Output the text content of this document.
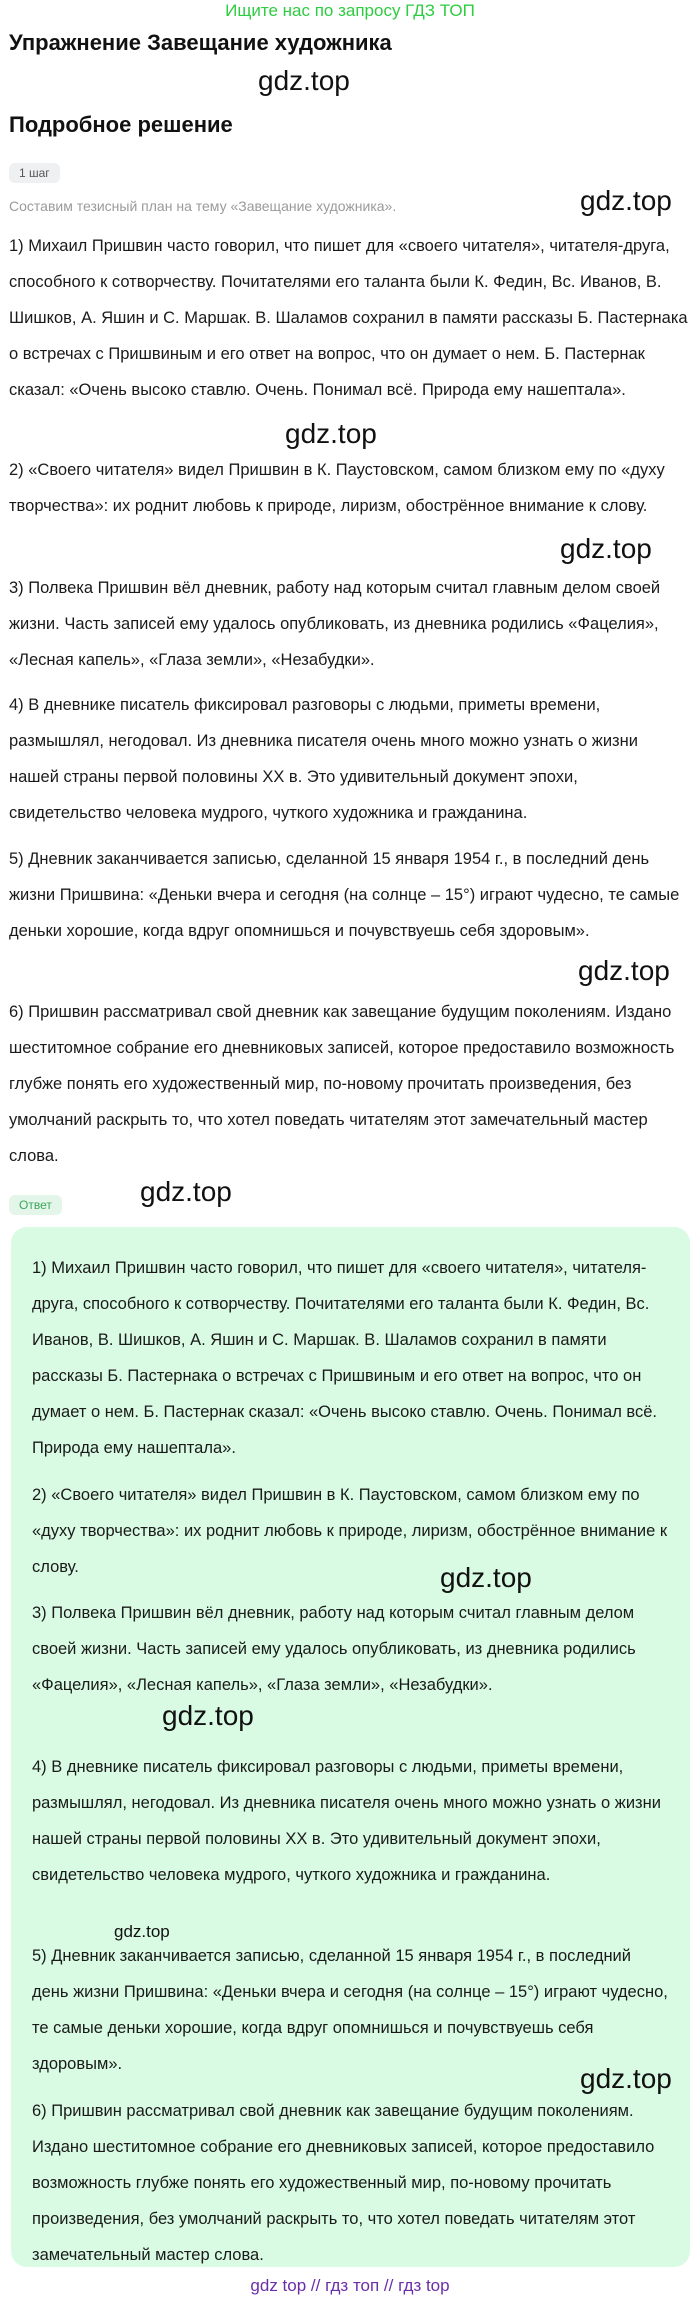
Ищите нас по запросу ГДЗ ТОП
Упражнение Завещание художника
Подробное решение
1 шаг

Составим тезисный план на тему «Завещание художника».

1) Михаил Пришвин часто говорил, что пишет для «своего читателя», читателя-друга, способного к сотворчеству. Почитателями его таланта были К. Федин, Вс. Иванов, В. Шишков, А. Яшин и С. Маршак. В. Шаламов сохранил в памяти рассказы Б. Пастернака о встречах с Пришвиным и его ответ на вопрос, что он думает о нем. Б. Пастернак сказал: «Очень высоко ставлю. Очень. Понимал всё. Природа ему нашептала».

2) «Своего читателя» видел Пришвин в К. Паустовском, самом близком ему по «духу творчества»: их роднит любовь к природе, лиризм, обострённое внимание к слову.

3) Полвека Пришвин вёл дневник, работу над которым считал главным делом своей жизни. Часть записей ему удалось опубликовать, из дневника родились «Фацелия», «Лесная капель», «Глаза земли», «Незабудки».

4) В дневнике писатель фиксировал разговоры с людьми, приметы времени, размышлял, негодовал. Из дневника писателя очень много можно узнать о жизни нашей страны первой половины XX в. Это удивительный документ эпохи, свидетельство человека мудрого, чуткого художника и гражданина.

5) Дневник заканчивается записью, сделанной 15 января 1954 г., в последний день жизни Пришвина: «Деньки вчера и сегодня (на солнце – 15°) играют чудесно, те самые деньки хорошие, когда вдруг опомнишься и почувствуешь себя здоровым».

6) Пришвин рассматривал свой дневник как завещание будущим поколениям. Издано шеститомное собрание его дневниковых записей, которое предоставило возможность глубже понять его художественный мир, по-новому прочитать произведения, без умолчаний раскрыть то, что хотел поведать читателям этот замечательный мастер слова.

Ответ

1) Михаил Пришвин часто говорил, что пишет для «своего читателя», читателя-друга, способного к сотворчеству. Почитателями его таланта были К. Федин, Вс. Иванов, В. Шишков, А. Яшин и С. Маршак. В. Шаламов сохранил в памяти рассказы Б. Пастернака о встречах с Пришвиным и его ответ на вопрос, что он думает о нем. Б. Пастернак сказал: «Очень высоко ставлю. Очень. Понимал всё. Природа ему нашептала».

2) «Своего читателя» видел Пришвин в К. Паустовском, самом близком ему по «духу творчества»: их роднит любовь к природе, лиризм, обострённое внимание к слову.

3) Полвека Пришвин вёл дневник, работу над которым считал главным делом своей жизни. Часть записей ему удалось опубликовать, из дневника родились «Фацелия», «Лесная капель», «Глаза земли», «Незабудки».

4) В дневнике писатель фиксировал разговоры с людьми, приметы времени, размышлял, негодовал. Из дневника писателя очень много можно узнать о жизни нашей страны первой половины XX в. Это удивительный документ эпохи, свидетельство человека мудрого, чуткого художника и гражданина.

5) Дневник заканчивается записью, сделанной 15 января 1954 г., в последний день жизни Пришвина: «Деньки вчера и сегодня (на солнце – 15°) играют чудесно, те самые деньки хорошие, когда вдруг опомнишься и почувствуешь себя здоровым».

6) Пришвин рассматривал свой дневник как завещание будущим поколениям. Издано шеститомное собрание его дневниковых записей, которое предоставило возможность глубже понять его художественный мир, по-новому прочитать произведения, без умолчаний раскрыть то, что хотел поведать читателям этот замечательный мастер слова.

gdz.top
gdz.top
gdz.top
gdz.top
gdz.top
gdz.top
gdz.top
gdz.top
gdz.top
gdz.top
gdz top // гдз топ // гдз top
